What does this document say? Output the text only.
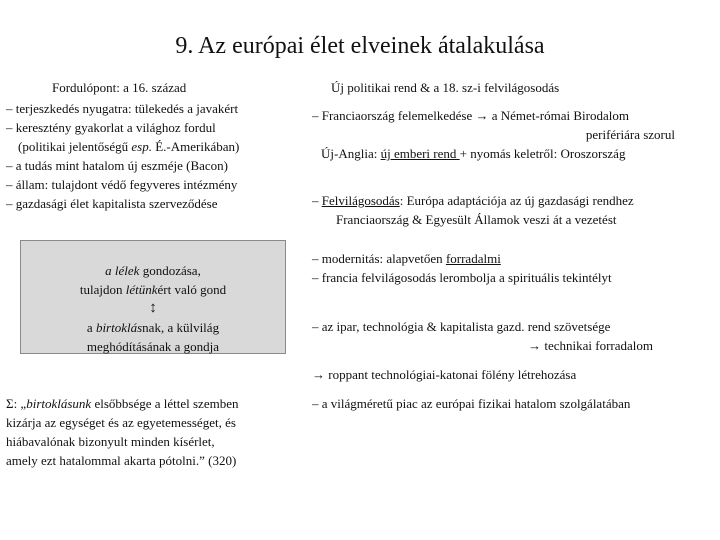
9. Az európai élet elveinek átalakulása
Fordulópont: a 16. század
– terjeszkedés nyugatra: tülekedés a javakért
– keresztény gyakorlat a világhoz fordul
(politikai jelentőségű esp. É.-Amerikában)
– a tudás mint hatalom új eszméje (Bacon)
– állam: tulajdont védő fegyveres intézmény
– gazdasági élet kapitalista szerveződése
a lélek gondozása,
tulajdon létünkért való gond
↕
a birtoklásnak, a külvilág
meghódításának a gondja
Σ: „birtoklásunk elsőbbsége a léttel szemben
kizárja az egységet és az egyetemességet, és
hiábavalónak bizonyult minden kísérlet,
amely ezt hatalommal akarta pótolni.” (320)
Új politikai rend & a 18. sz-i felvilágosodás
– Franciaország felemelkedése → a Német-római Birodalom
perifériára szorul
Új-Anglia: új emberi rend + nyomás keletről: Oroszország
– Felvilágosodás: Európa adaptációja az új gazdasági rendhez
Franciaország & Egyesült Államok veszi át a vezetést
– modernitás: alapvetően forradalmi
– francia felvilágosodás lerombolja a spirituális tekintélyt
– az ipar, technológia & kapitalista gazd. rend szövetsége
→ technikai forradalom
→ roppant technológiai-katonai fölény létrehozása
– a világméretű piac az európai fizikai hatalom szolgálatában
